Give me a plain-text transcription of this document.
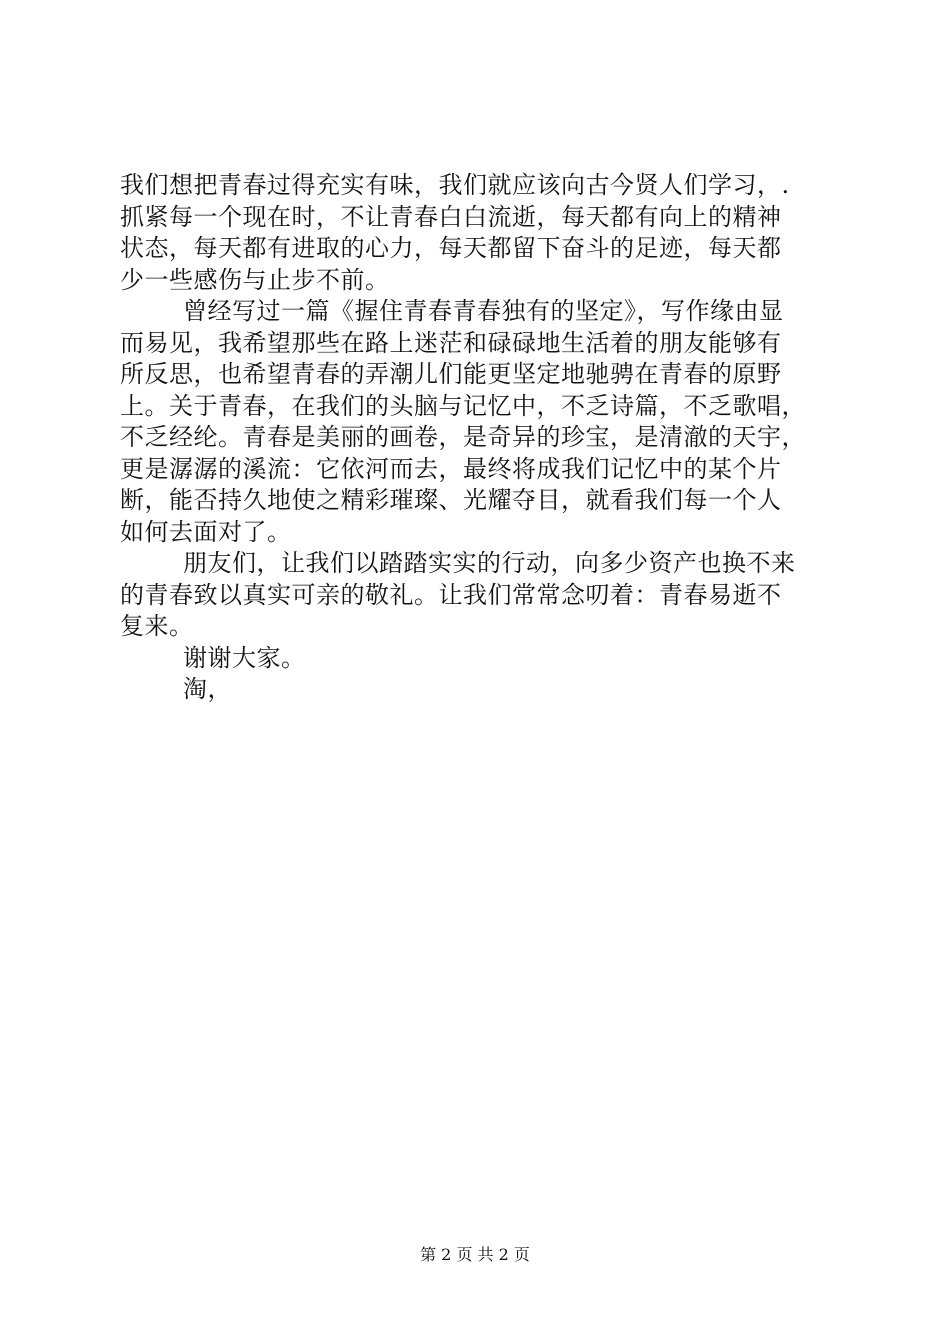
我们想把青春过得充实有味，我们就应该向古今贤人们学习，.
抓紧每一个现在时，不让青春白白流逝，每天都有向上的精神
状态，每天都有进取的心力，每天都留下奋斗的足迹，每天都
少一些感伤与止步不前。
曾经写过一篇《握住青春青春独有的坚定》，写作缘由显
而易见，我希望那些在路上迷茫和碌碌地生活着的朋友能够有
所反思，也希望青春的弄潮儿们能更坚定地驰骋在青春的原野
上。关于青春，在我们的头脑与记忆中，不乏诗篇，不乏歌唱，
不乏经纶。青春是美丽的画卷，是奇异的珍宝，是清澈的天宇，
更是潺潺的溪流：它依河而去，最终将成我们记忆中的某个片
断，能否持久地使之精彩璀璨、光耀夺目，就看我们每一个人
如何去面对了。
朋友们，让我们以踏踏实实的行动，向多少资产也换不来
的青春致以真实可亲的敬礼。让我们常常念叨着：青春易逝不
复来。
谢谢大家。
淘，
第 2 页 共 2 页
